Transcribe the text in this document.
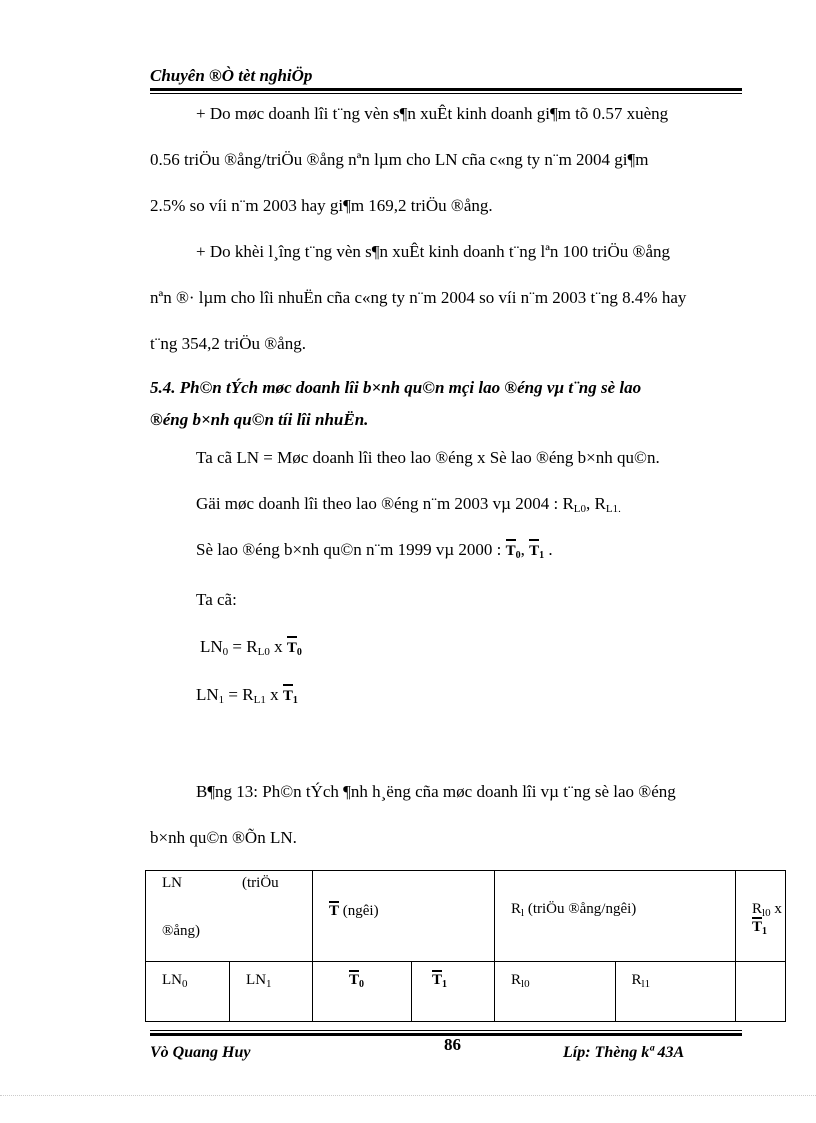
Chuyên ®Ò tèt nghiÖp
+ Do møc doanh lîi t¨ng vèn s¶n xuÊt kinh doanh gi¶m tõ 0.57 xuèng
0.56 triÖu ®ång/triÖu ®ång nªn lµm cho LN cña c«ng ty n¨m 2004 gi¶m
2.5% so víi n¨m 2003 hay gi¶m 169,2 triÖu ®ång.
+ Do khèi l¸îng t¨ng vèn s¶n xuÊt kinh doanh t¨ng lªn 100 triÖu ®ång
nªn ®· lµm cho lîi nhuËn cña c«ng ty n¨m 2004 so víi n¨m 2003 t¨ng 8.4% hay
t¨ng 354,2 triÖu ®ång.
5.4. Ph©n tÝch møc doanh lîi b×nh qu©n mçi lao ®éng vµ t¨ng sè lao
®éng b×nh qu©n tíi lîi nhuËn.
Ta cã LN = Møc doanh lîi theo lao ®éng x Sè lao ®éng b×nh qu©n.
Gäi møc doanh lîi theo lao ®éng n¨m 2003 vµ 2004 : $R_{L0}$, $R_{L1.}$
Sè lao ®éng b×nh qu©n n¨m 1999 vµ 2000 : T0, T1 .
Ta cã:
$LN_0 = R_{L0}$ x T0
$LN_1 = R_{L1}$ x T1
B¶ng 13: Ph©n tÝch ¶nh h¸ëng cña møc doanh lîi vµ t¨ng sè lao ®éng
b×nh qu©n ®Õn LN.
LN (triÖu
®ång)		T (ngêi)		$R_l$ (triÖu ®ång/ngêi)		$R_{l0}$ x $T_1$
$LN_0$	$LN_1$	$T_0$	$T_1$	$R_{l0}$	$R_{l1}$	
86
Vò Quang Huy	Líp: Thèng kª 43A
